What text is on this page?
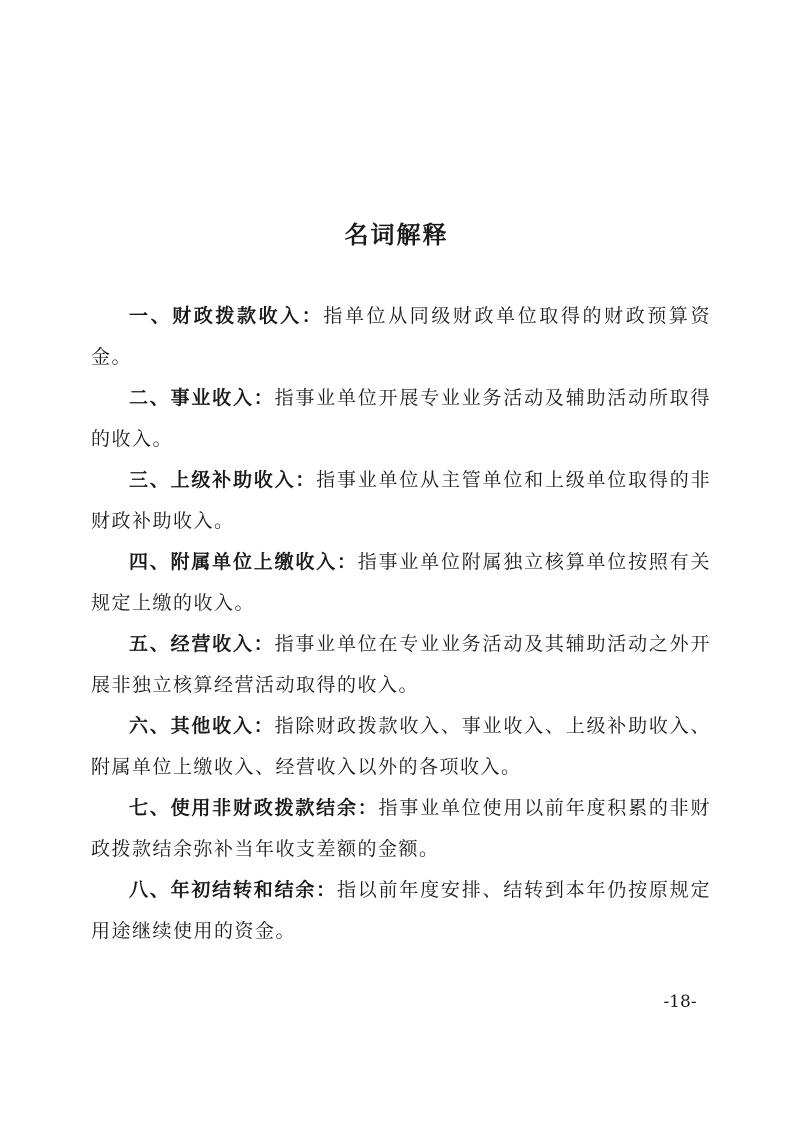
名词解释

一、财政拨款收入：指单位从同级财政单位取得的财政预算资金。

二、事业收入：指事业单位开展专业业务活动及辅助活动所取得的收入。

三、上级补助收入：指事业单位从主管单位和上级单位取得的非财政补助收入。

四、附属单位上缴收入：指事业单位附属独立核算单位按照有关规定上缴的收入。

五、经营收入：指事业单位在专业业务活动及其辅助活动之外开展非独立核算经营活动取得的收入。

六、其他收入：指除财政拨款收入、事业收入、上级补助收入、附属单位上缴收入、经营收入以外的各项收入。

七、使用非财政拨款结余：指事业单位使用以前年度积累的非财政拨款结余弥补当年收支差额的金额。

八、年初结转和结余：指以前年度安排、结转到本年仍按原规定用途继续使用的资金。

-18-
